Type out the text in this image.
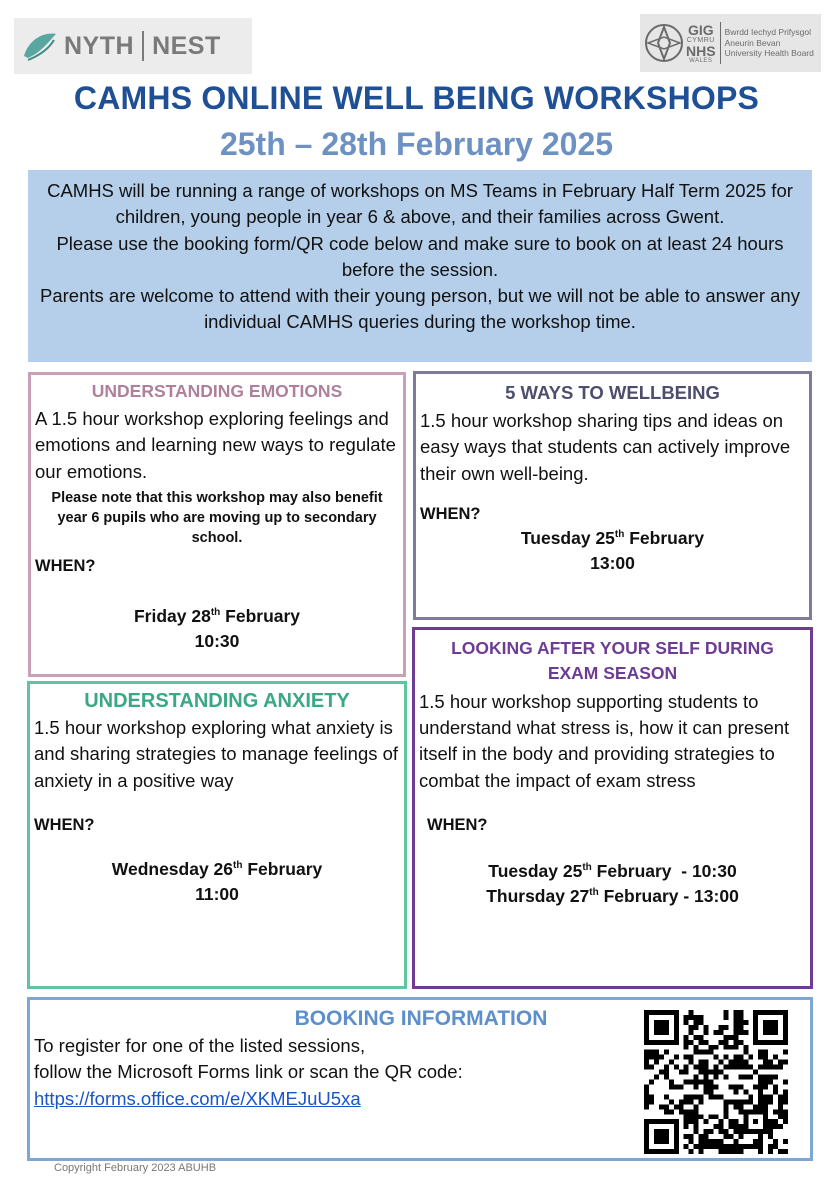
NYTH NEST
GIG
CYMRU
NHS
WALES
Bwrdd Iechyd Prifysgol
Aneurin Bevan
University Health Board
CAMHS ONLINE WELL BEING WORKSHOPS
25th – 28th February 2025

CAMHS will be running a range of workshops on MS Teams in February Half Term 2025 for children, young people in year 6 & above, and their families across Gwent.

Please use the booking form/QR code below and make sure to book on at least 24 hours before the session.

Parents are welcome to attend with their young person, but we will not be able to answer any individual CAMHS queries during the workshop time.

UNDERSTANDING EMOTIONS
A 1.5 hour workshop exploring feelings and emotions and learning new ways to regulate our emotions.
Please note that this workshop may also benefit year 6 pupils who are moving up to secondary school.
WHEN?
Friday 28th February
10:30
5 WAYS TO WELLBEING
1.5 hour workshop sharing tips and ideas on easy ways that students can actively improve their own well-being.
WHEN?
Tuesday 25th February
13:00
UNDERSTANDING ANXIETY
1.5 hour workshop exploring what anxiety is and sharing strategies to manage feelings of anxiety in a positive way
WHEN?
Wednesday 26th February
11:00
LOOKING AFTER YOUR SELF DURING
EXAM SEASON
1.5 hour workshop supporting students to understand what stress is, how it can present itself in the body and providing strategies to combat the impact of exam stress
WHEN?
Tuesday 25th February  - 10:30
Thursday 27th February - 13:00
BOOKING INFORMATION
To register for one of the listed sessions,
follow the Microsoft Forms link or scan the QR code:
https://forms.office.com/e/XKMEJuU5xa
Copyright February 2023 ABUHB
